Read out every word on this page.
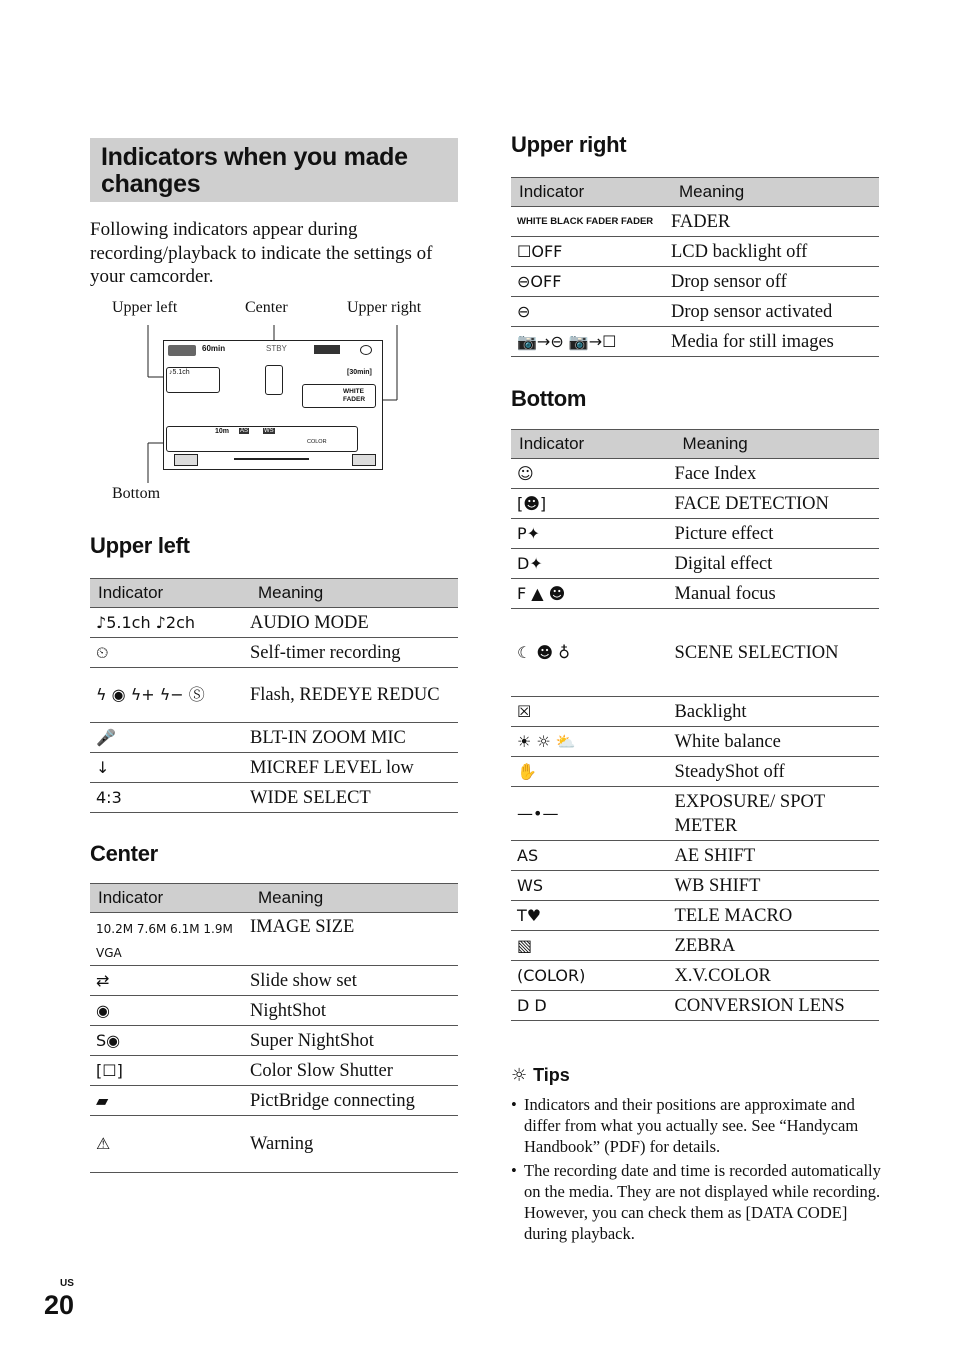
Indicators when you made changes
Following indicators appear during recording/playback to indicate the settings of your camcorder.
Upper left	Center	Upper right
Bottom
60min	STBY
♪5.1ch	[30min]
WHITE FADER
10m AS	WS
COLOR
Upper left
Indicator	Meaning
♪5.1ch ♪2ch	AUDIO MODE
⏲	Self-timer recording
ϟ ◉ ϟ+ ϟ− Ⓢ	Flash, REDEYE REDUC
🎤	BLT-IN ZOOM MIC
↓	MICREF LEVEL low
4:3	WIDE SELECT
Center
Indicator	Meaning
10.2M 7.6M 6.1M 1.9M VGA	IMAGE SIZE
⇄	Slide show set
◉	NightShot
S◉	Super NightShot
[☐]	Color Slow Shutter
▰	PictBridge connecting
⚠	Warning
Upper right
Indicator	Meaning
WHITE BLACK FADER FADER	FADER
☐OFF	LCD backlight off
⊖OFF	Drop sensor off
⊖	Drop sensor activated
📷→⊖ 📷→☐	Media for still images
Bottom
Indicator	Meaning
☺	Face Index
[☻]	FACE DETECTION
P✦	Picture effect
D✦	Digital effect
F ▲ ☻	Manual focus
☾ ☻ ♁	SCENE SELECTION
☒	Backlight
☀ ☼ ⛅	White balance
✋	SteadyShot off
—•—	EXPOSURE/ SPOT METER
AS	AE SHIFT
WS	WB SHIFT
T♥	TELE MACRO
▧	ZEBRA
(COLOR)	X.V.COLOR
D D	CONVERSION LENS
☼ Tips
• Indicators and their positions are approximate and differ from what you actually see. See “Handycam Handbook” (PDF) for details.
• The recording date and time is recorded automatically on the media. They are not displayed while recording. However, you can check them as [DATA CODE] during playback.
US
20
